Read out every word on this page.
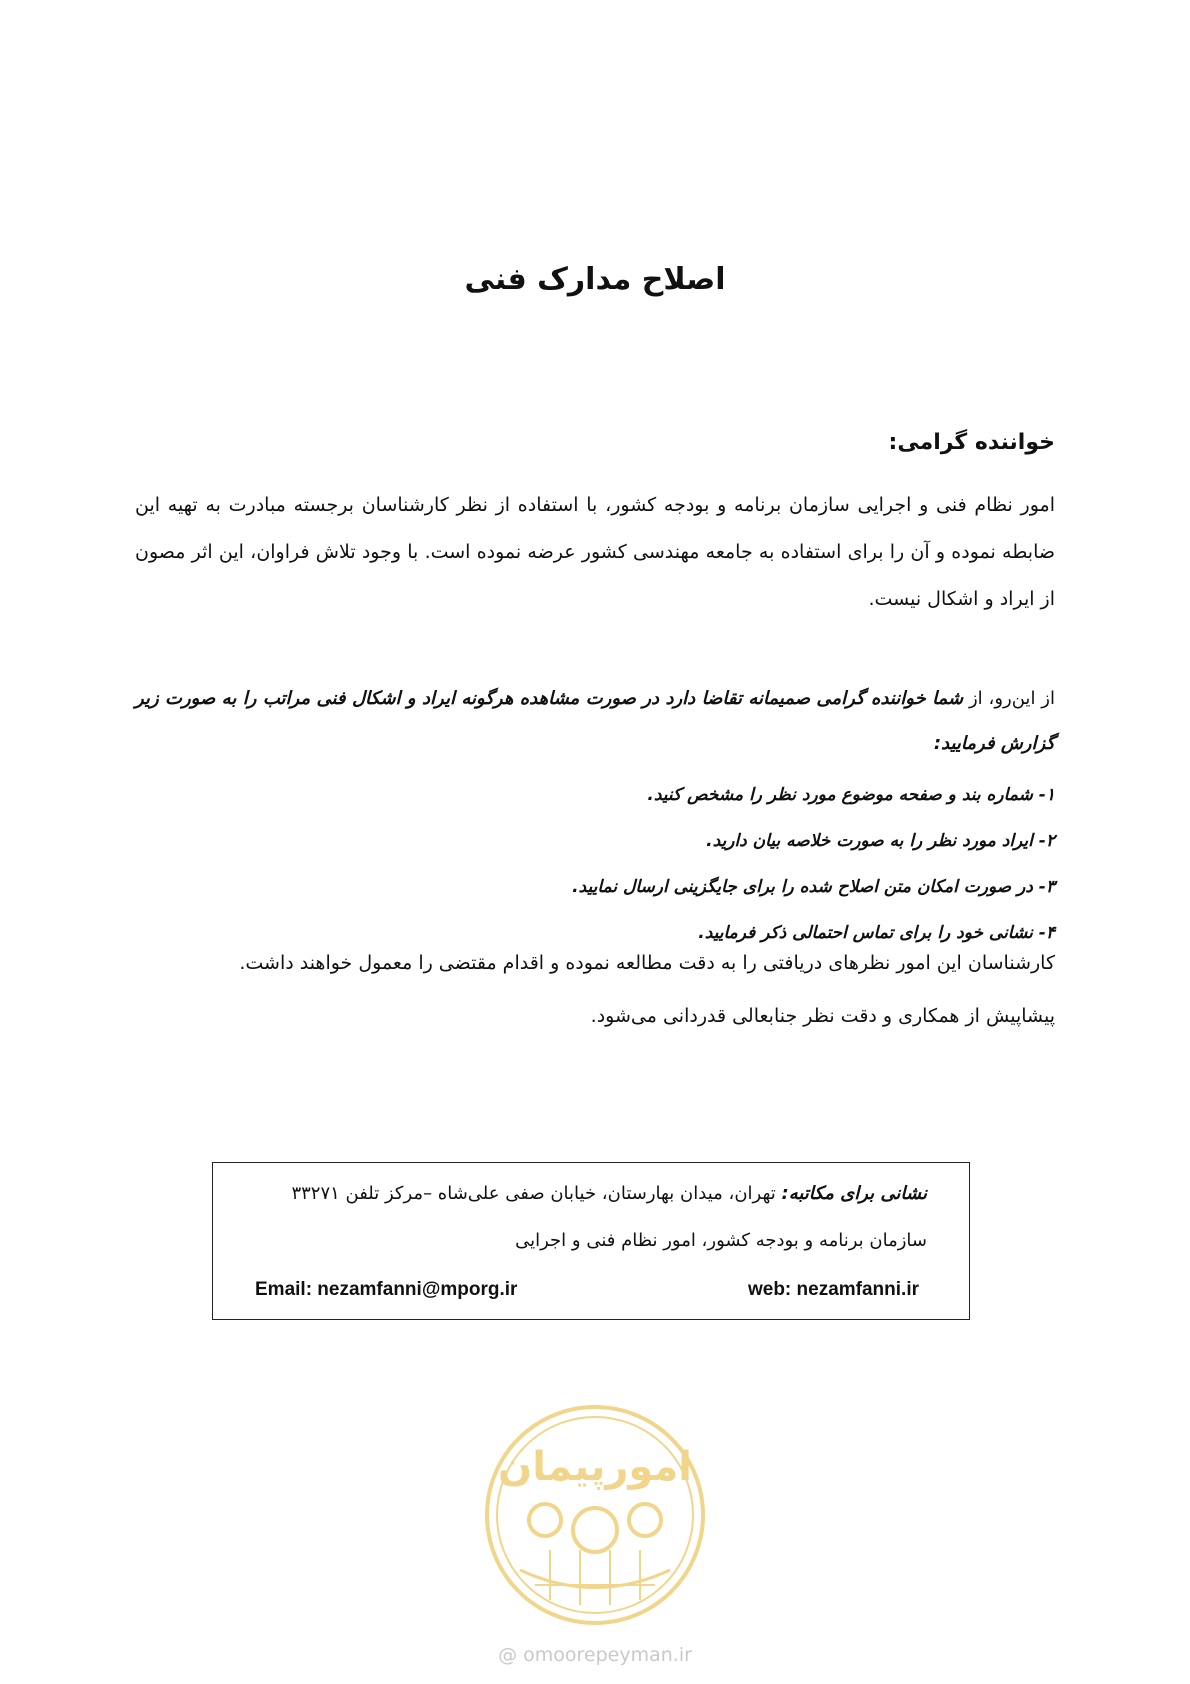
اصلاح مدارک فنی

خواننده گرامی:

امور نظام فنی و اجرایی سازمان برنامه و بودجه کشور، با استفاده از نظر کارشناسان برجسته مبادرت به تهیه این ضابطه نموده و آن را برای استفاده به جامعه مهندسی کشور عرضه نموده است. با وجود تلاش فراوان، این اثر مصون از ایراد و اشکال نیست.

از این‌رو، از شما خواننده گرامی صمیمانه تقاضا دارد در صورت مشاهده هرگونه ایراد و اشکال فنی مراتب را به صورت زیر گزارش فرمایید:

۱- شماره بند و صفحه موضوع مورد نظر را مشخص کنید.
۲- ایراد مورد نظر را به صورت خلاصه بیان دارید.
۳- در صورت امکان متن اصلاح شده را برای جایگزینی ارسال نمایید.
۴- نشانی خود را برای تماس احتمالی ذکر فرمایید.

کارشناسان این امور نظرهای دریافتی را به دقت مطالعه نموده و اقدام مقتضی را معمول خواهند داشت.

پیشاپیش از همکاری و دقت نظر جنابعالی قدردانی می‌شود.

نشانی برای مکاتبه: تهران، میدان بهارستان، خیابان صفی علی‌شاه –مرکز تلفن ۳۳۲۷۱

سازمان برنامه و بودجه کشور، امور نظام فنی و اجرایی

web: nezamfanni.ir
Email: nezamfanni@mporg.ir
امورپیمان
@ omoorepeyman.ir
